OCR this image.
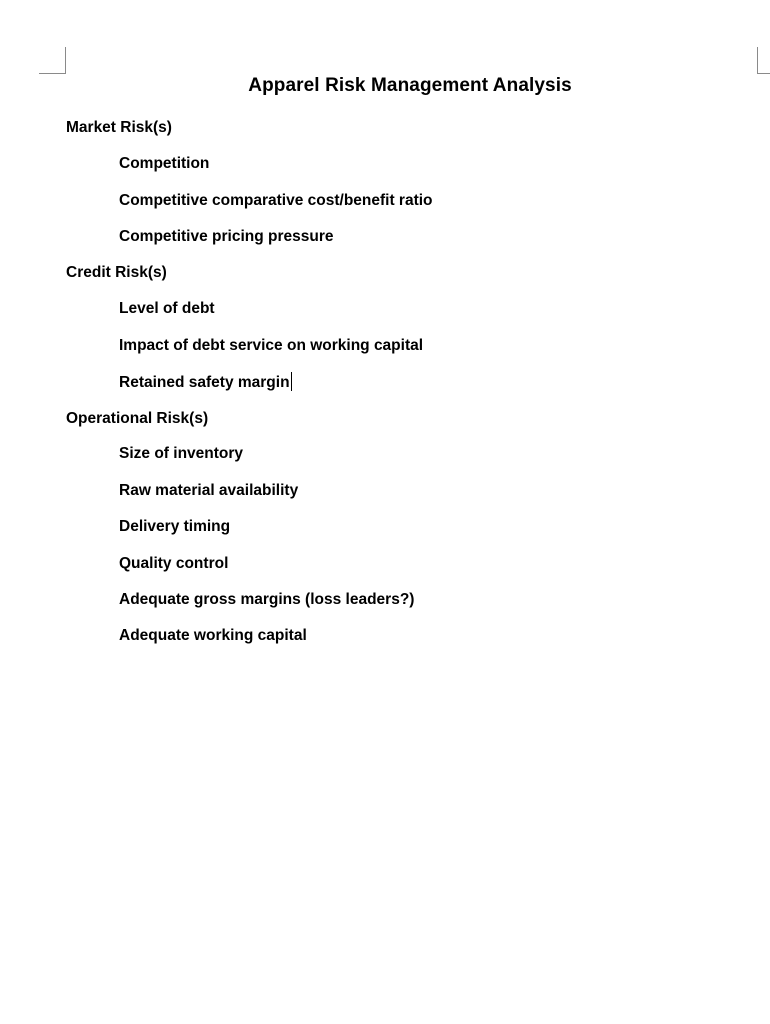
Apparel Risk Management Analysis
Market Risk(s)
Competition
Competitive comparative cost/benefit ratio
Competitive pricing pressure
Credit Risk(s)
Level of debt
Impact of debt service on working capital
Retained safety margin
Operational Risk(s)
Size of inventory
Raw material availability
Delivery timing
Quality control
Adequate gross margins (loss leaders?)
Adequate working capital
